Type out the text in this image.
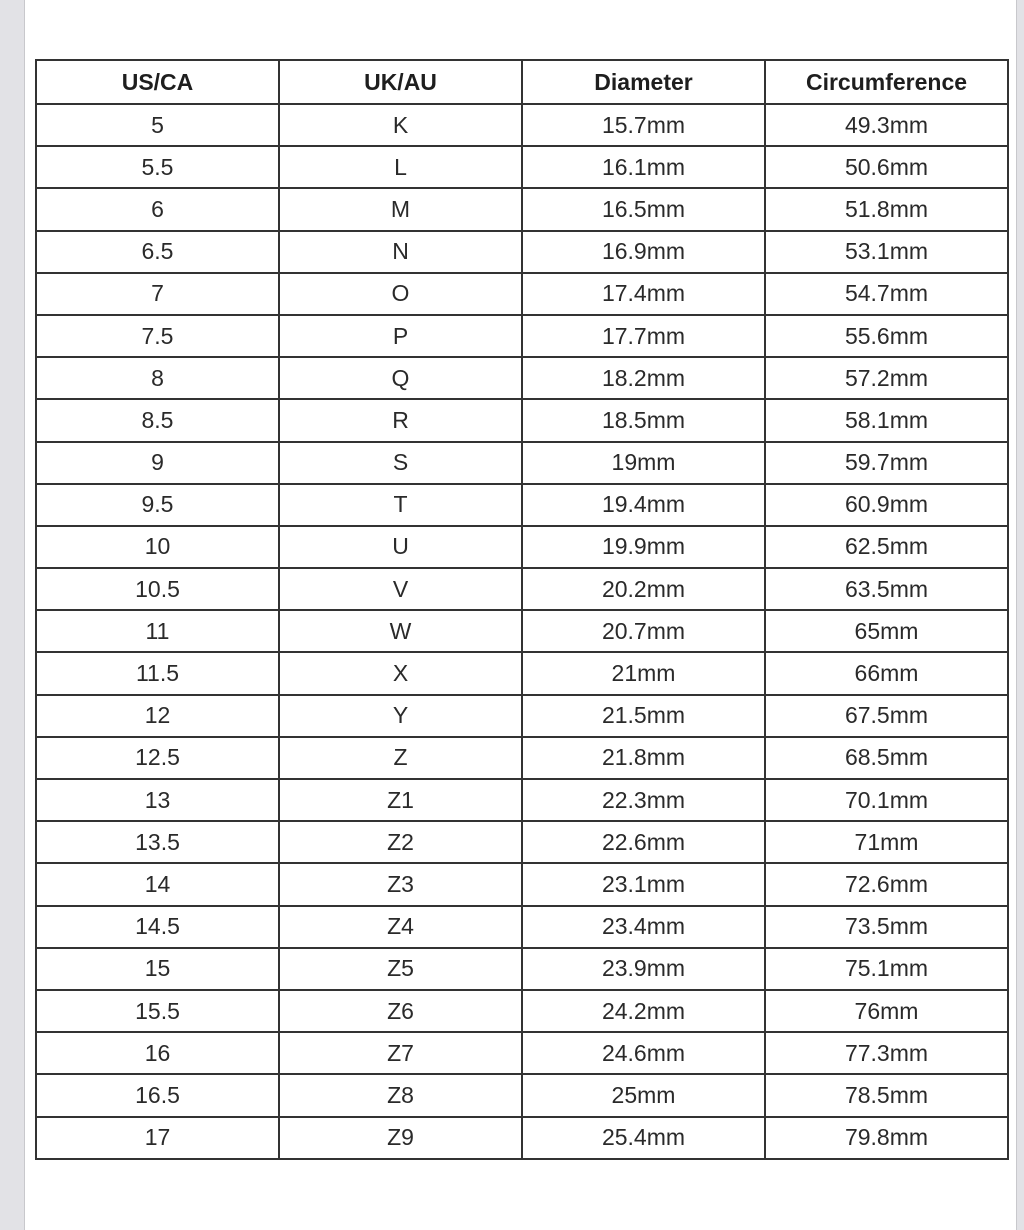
US/CA	UK/AU	Diameter	Circumference
5	K	15.7mm	49.3mm
5.5	L	16.1mm	50.6mm
6	M	16.5mm	51.8mm
6.5	N	16.9mm	53.1mm
7	O	17.4mm	54.7mm
7.5	P	17.7mm	55.6mm
8	Q	18.2mm	57.2mm
8.5	R	18.5mm	58.1mm
9	S	19mm	59.7mm
9.5	T	19.4mm	60.9mm
10	U	19.9mm	62.5mm
10.5	V	20.2mm	63.5mm
11	W	20.7mm	65mm
11.5	X	21mm	66mm
12	Y	21.5mm	67.5mm
12.5	Z	21.8mm	68.5mm
13	Z1	22.3mm	70.1mm
13.5	Z2	22.6mm	71mm
14	Z3	23.1mm	72.6mm
14.5	Z4	23.4mm	73.5mm
15	Z5	23.9mm	75.1mm
15.5	Z6	24.2mm	76mm
16	Z7	24.6mm	77.3mm
16.5	Z8	25mm	78.5mm
17	Z9	25.4mm	79.8mm
